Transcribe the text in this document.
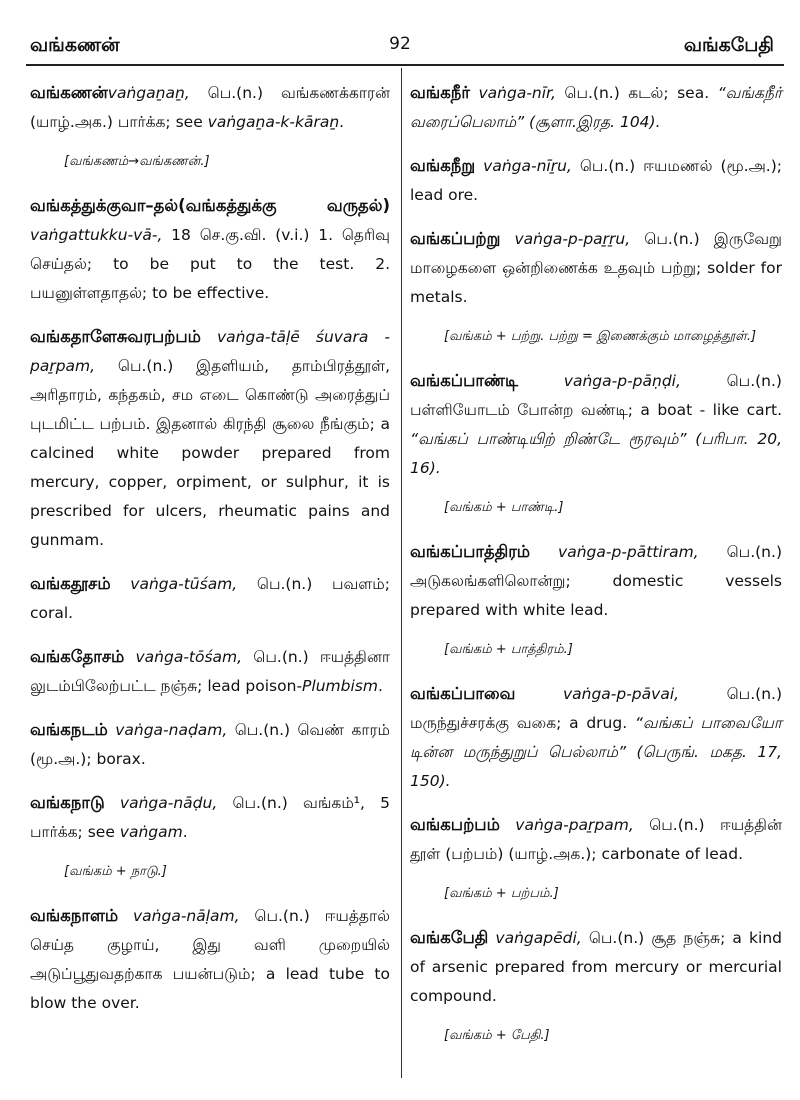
வங்கணன்	92	வங்கபேதி
வங்கணன்vaṅgaṉaṉ, பெ.(n.) வங்கணக்காரன் (யாழ்.அக.) பார்க்க; see vaṅgaṉa-k-kāraṉ.
[வங்கணம்→வங்கணன்.]
வங்கத்துக்குவா–தல்(வங்கத்துக்கு வருதல்) vaṅgattukku-vā-, 18 செ.கு.வி. (v.i.) 1. தெரிவு செய்தல்; to be put to the test. 2. பயனுள்ளதாதல்; to be effective.
வங்கதாளேசுவரபற்பம் vaṅga-tāḷē śuvara -paṟpam, பெ.(n.) இதளியம், தாம்பிரத்தூள், அரிதாரம், கந்தகம், சம எடை கொண்டு அரைத்துப் புடமிட்ட பற்பம். இதனால் கிரந்தி சூலை நீங்கும்; a calcined white powder prepared from mercury, copper, orpiment, or sulphur, it is prescribed for ulcers, rheumatic pains and gunmam.
வங்கதூசம் vaṅga-tūśam, பெ.(n.) பவளம்; coral.
வங்கதோசம் vaṅga-tōśam, பெ.(n.) ஈயத்தினா லுடம்பிலேற்பட்ட நஞ்சு; lead poison-Plumbism.
வங்கநடம் vaṅga-naḍam, பெ.(n.) வெண் காரம் (மூ.அ.); borax.
வங்கநாடு vaṅga-nāḍu, பெ.(n.) வங்கம்¹, 5 பார்க்க; see vaṅgam.
[வங்கம் + நாடு.]
வங்கநாளம் vaṅga-nāḷam, பெ.(n.) ஈயத்தால் செய்த குழாய், இது வளி முறையில் அடுப்பூதுவதற்காக பயன்படும்; a lead tube to blow the over.
வங்கநீர் vaṅga-nīr, பெ.(n.) கடல்; sea. “வங்கநீர் வரைப்பெலாம்” (சூளா.இரத. 104).
வங்கநீறு vaṅga-nīṟu, பெ.(n.) ஈயமணல் (மூ.அ.); lead ore.
வங்கப்பற்று vaṅga-p-paṟṟu, பெ.(n.) இருவேறு மாழைகளை ஒன்றிணைக்க உதவும் பற்று; solder for metals.
[வங்கம் + பற்று. பற்று = இணைக்கும் மாழைத்தூள்.]
வங்கப்பாண்டி vaṅga-p-pāṇḍi, பெ.(n.) பள்ளியோடம் போன்ற வண்டி; a boat - like cart. “வங்கப் பாண்டியிற் றிண்டே ரூரவும்” (பரிபா. 20, 16).
[வங்கம் + பாண்டி.]
வங்கப்பாத்திரம் vaṅga-p-pāttiram, பெ.(n.) அடுகலங்களிலொன்று; domestic vessels prepared with white lead.
[வங்கம் + பாத்திரம்.]
வங்கப்பாவை vaṅga-p-pāvai, பெ.(n.) மருந்துச்சரக்கு வகை; a drug. “வங்கப் பாவையோ டின்ன மருந்துறுப் பெல்லாம்” (பெருங். மகத. 17, 150).
வங்கபற்பம் vaṅga-paṟpam, பெ.(n.) ஈயத்தின் தூள் (பற்பம்) (யாழ்.அக.); carbonate of lead.
[வங்கம் + பற்பம்.]
வங்கபேதி vaṅgapēdi, பெ.(n.) சூத நஞ்சு; a kind of arsenic prepared from mercury or mercurial compound.
[வங்கம் + பேதி.]
